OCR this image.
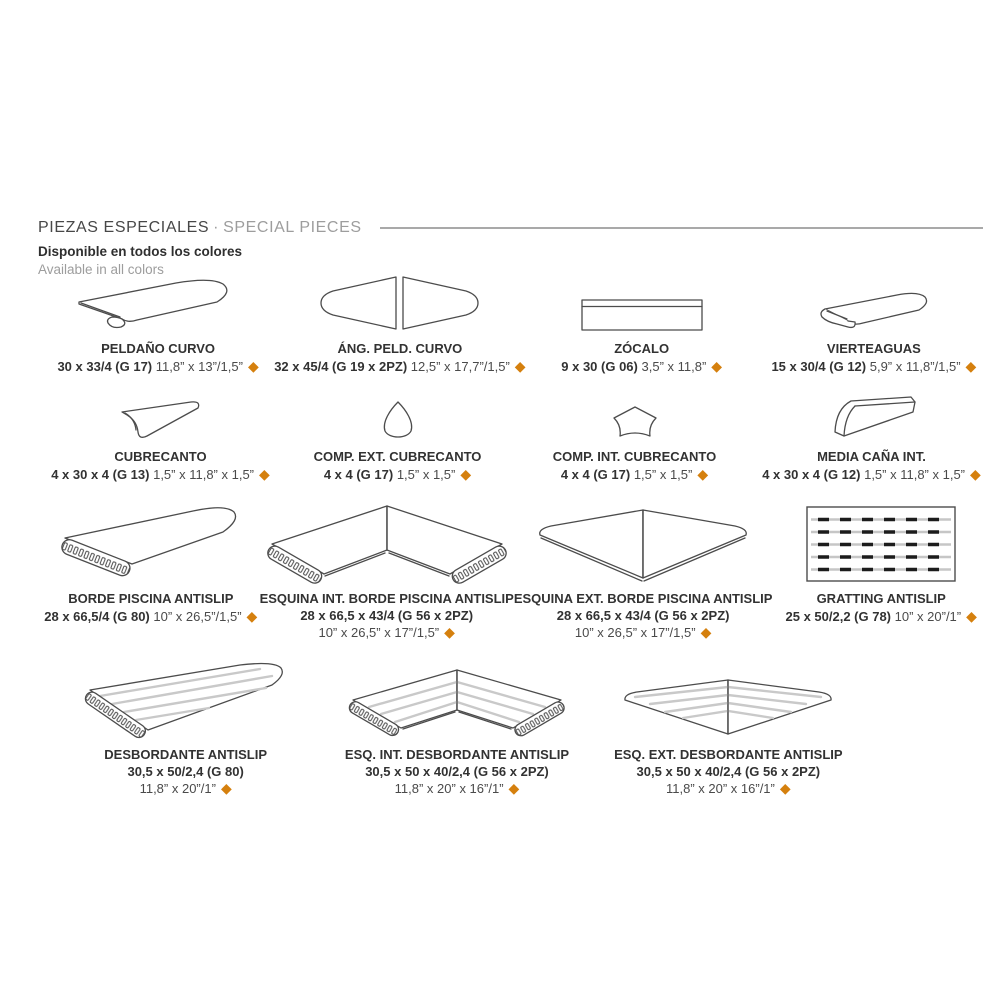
PIEZAS ESPECIALES · SPECIAL PIECES
Disponible en todos los colores
Available in all colors
PELDAÑO CURVO
30 x 33/4 (G 17) 11,8” x 13”/1,5” ◆
ÁNG. PELD. CURVO
32 x 45/4 (G 19 x 2PZ) 12,5” x 17,7”/1,5” ◆
ZÓCALO
9 x 30 (G 06) 3,5” x 11,8” ◆
VIERTEAGUAS
15 x 30/4 (G 12) 5,9” x 11,8”/1,5” ◆
CUBRECANTO
4 x 30 x 4 (G 13) 1,5” x 11,8” x 1,5” ◆
COMP. EXT. CUBRECANTO
4 x 4 (G 17) 1,5” x 1,5” ◆
COMP. INT. CUBRECANTO
4 x 4 (G 17) 1,5” x 1,5” ◆
MEDIA CAÑA INT.
4 x 30 x 4 (G 12) 1,5” x 11,8” x 1,5” ◆
BORDE PISCINA ANTISLIP
28 x 66,5/4 (G 80) 10” x 26,5”/1,5” ◆
ESQUINA INT. BORDE PISCINA ANTISLIP
28 x 66,5 x 43/4 (G 56 x 2PZ)
10” x 26,5” x 17”/1,5” ◆
ESQUINA EXT. BORDE PISCINA ANTISLIP
28 x 66,5 x 43/4 (G 56 x 2PZ)
10” x 26,5” x 17”/1,5” ◆
GRATTING ANTISLIP
25 x 50/2,2 (G 78) 10” x 20”/1” ◆
DESBORDANTE ANTISLIP
30,5 x 50/2,4 (G 80)
11,8” x 20”/1” ◆
ESQ. INT. DESBORDANTE ANTISLIP
30,5 x 50 x 40/2,4 (G 56 x 2PZ)
11,8” x 20” x 16”/1” ◆
ESQ. EXT. DESBORDANTE ANTISLIP
30,5 x 50 x 40/2,4 (G 56 x 2PZ)
11,8” x 20” x 16”/1” ◆
